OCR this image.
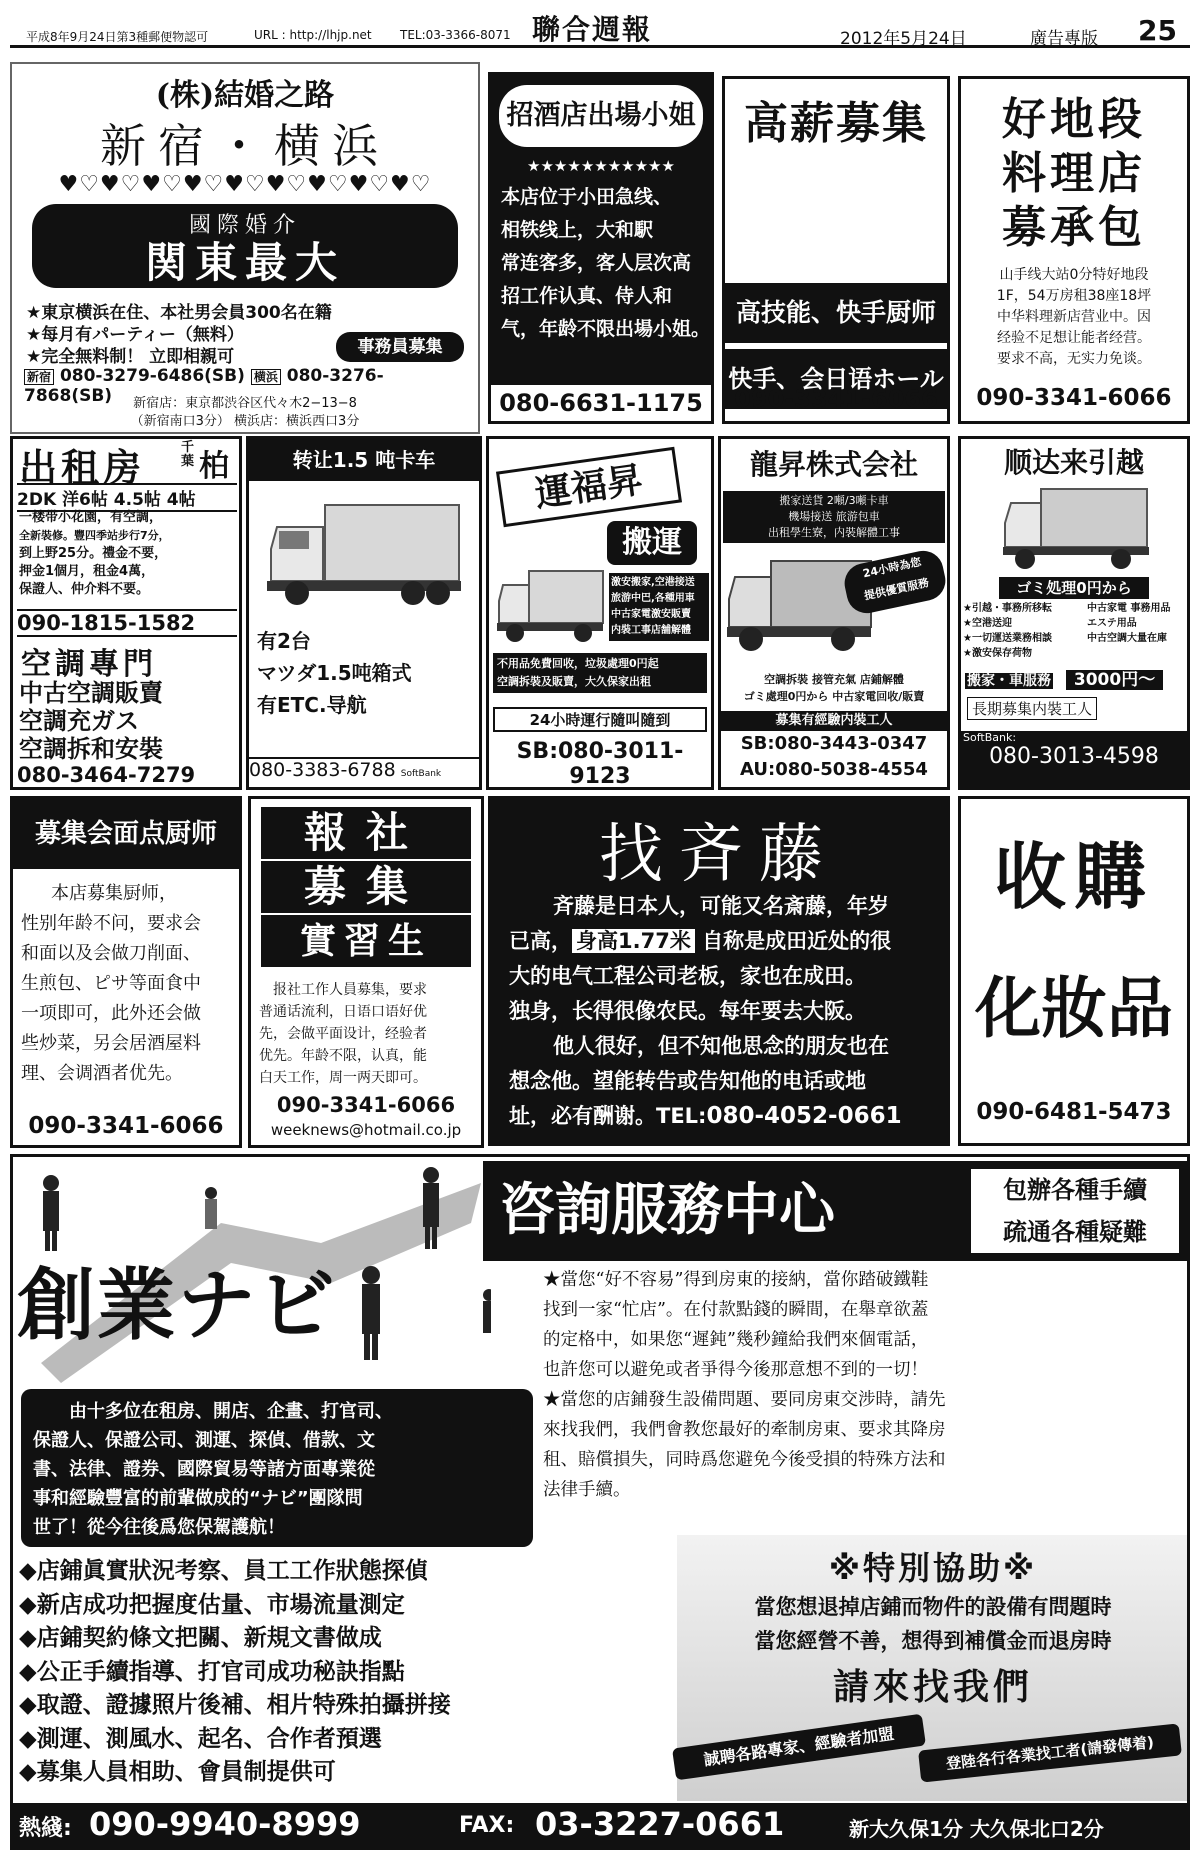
平成8年9月24日第3種郵便物認可	URL : http://lhjp.net TEL:03-3366-8071 聯合週報	2012年5月24日	廣告專版 25
(株)結婚之路
新宿・横浜
♥♡♥♡♥♡♥♡♥♡♥♡♥♡♥♡♥♡
國際婚介
関東最大
★東京横浜在住、本社男会員300名在籍
★每月有パーティー（無料）
★完全無料制！ 立即相親可	事務員募集
新宿 080-3279-6486(SB) 横浜 080-3276-7868(SB)	新宿店：東京都渋谷区代々木2−13−8
（新宿南口3分） 横浜店：横浜西口3分
招酒店出場小姐
★★★★★★★★★★★
本店位于小田急线、
相铁线上，大和駅
常连客多，客人层次高
招工作认真、侍人和
气，年龄不限出場小姐。
080-6631-1175
高薪募集
高技能、快手厨师
快手、会日语ホール
090-3341-6066
好地段
料理店
募承包
山手线大站0分特好地段
1F，54万房租38座18坪
中华料理新店营业中。因
经验不足想让能者经营。
要求不高，无实力免谈。
090-3341-6066
出租房	千葉 柏
2DK 洋6帖 4.5帖 4帖
一楼带小花園，有空調，
全新裝修。豐四季站步行7分，
到上野25分。禮金不要，
押金1個月，租金4萬，
保證人、仲介料不要。
090-1815-1582
空調專門
中古空調販賣
空調充ガス
空調拆和安裝
080-3464-7279
转让1.5 吨卡车
有2台
マツダ1.5吨箱式
有ETC.导航
080-3383-6788 SoftBank
運福昇
搬運
激安搬家,空港接送
旅游中巴,各種用車
中古家電激安販賣
内裝工事店舗解體
不用品免費回收，垃圾處理0円起
空調拆裝及販賣，大久保家出租
24小時運行隨叫隨到
SB:080-3011-9123
龍昇株式会社
搬家送貨 2噸/3噸卡車
機場接送 旅游包車
出租學生寮，内裝解體工事
24小時為您
提供優質服務
空調拆裝 接管充氣 店鋪解體
ゴミ處理0円から 中古家電回收/販賣
募集有經驗内裝工人
SB:080-3443-0347
AU:080-5038-4554
顺达来引越
ゴミ処理0円から
★引越・事務所移転
★空港送迎
★一切運送業務相談
★激安保存荷物
中古家電 事務用品
エステ用品
中古空調大量在庫
搬家・車服務 3000円〜
長期募集内裝工人
SoftBank:
080-3013-4598
募集会面点厨师
本店募集厨师，
性别年龄不问，要求会
和面以及会做刀削面、
生煎包、ピサ等面食中
一项即可，此外还会做
些炒菜，另会居酒屋料
理、会调酒者优先。
090-3341-6066
報社
募集
實習生
报社工作人員募集，要求
普通话流利，日语口语好优
先，会做平面设计，经验者
优先。年龄不限，认真，能
白天工作，周一两天即可。
090-3341-6066
weeknews@hotmail.co.jp
找斉藤
斉藤是日本人，可能又名斎藤，年岁
已高， 身高1.77米 自称是成田近处的很
大的电气工程公司老板，家也在成田。
独身，长得很像农民。每年要去大阪。
他人很好，但不知他思念的朋友也在
想念他。望能转告或告知他的电话或地
址，必有酬谢。TEL:080-4052-0661
收購
化妝品
090-6481-5473
創業ナビ
咨詢服務中心	包辦各種手續
疏通各種疑難
★當您“好不容易”得到房東的接納，當你踏破鐵鞋
找到一家“忙店”。在付款點錢的瞬間，在舉章欲蓋
的定格中，如果您“遲鈍”幾秒鐘給我們來個電話，
也許您可以避免或者爭得今後那意想不到的一切！
★當您的店鋪發生設備問題、要同房東交涉時，請先
來找我們，我們會教您最好的牽制房東、要求其降房
租、賠償損失，同時爲您避免今後受損的特殊方法和
法律手續。
由十多位在租房、開店、企畫、打官司、
保證人、保證公司、測運、探偵、借款、文
書、法律、證券、國際貿易等諸方面專業從
事和經驗豐富的前輩做成的“ナビ”團隊問
世了！從今往後爲您保駕護航！
◆店鋪眞實狀況考察、員工工作狀態探偵
◆新店成功把握度估量、市場流量測定
◆店鋪契約條文把關、新規文書做成
◆公正手續指導、打官司成功秘訣指點
◆取證、證據照片後補、相片特殊拍攝拼接
◆測運、測風水、起名、合作者預選
◆募集人員相助、會員制提供可
※特別協助※
當您想退掉店鋪而物件的設備有問題時
當您經營不善，想得到補償金而退房時
請來找我們
誠聘各路專家、經驗者加盟	登陸各行各業找工者(請發傳着)
熱綫: 090-9940-8999	FAX: 03-3227-0661	新大久保1分 大久保北口2分
